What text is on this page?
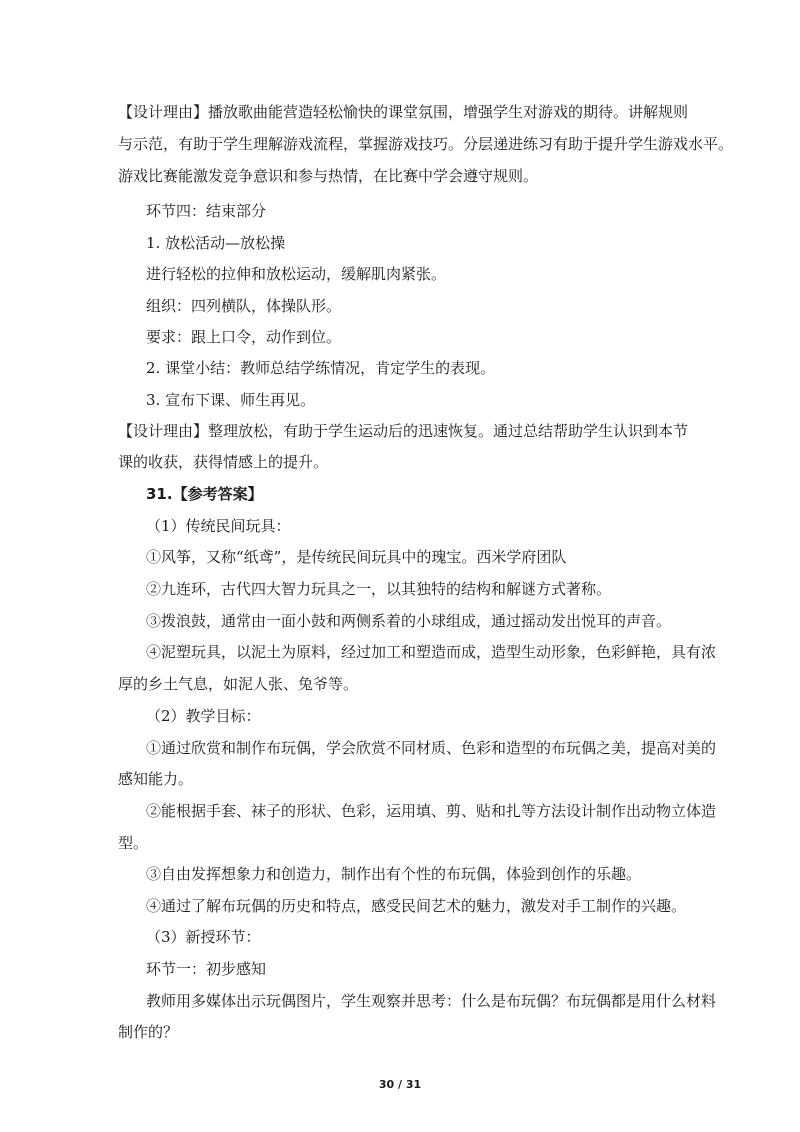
【设计理由】播放歌曲能营造轻松愉快的课堂氛围，增强学生对游戏的期待。讲解规则
与示范，有助于学生理解游戏流程，掌握游戏技巧。分层递进练习有助于提升学生游戏水平。
游戏比赛能激发竞争意识和参与热情，在比赛中学会遵守规则。
环节四：结束部分
1. 放松活动—放松操
进行轻松的拉伸和放松运动，缓解肌肉紧张。
组织：四列横队，体操队形。
要求：跟上口令，动作到位。
2. 课堂小结：教师总结学练情况，肯定学生的表现。
3. 宣布下课、师生再见。
【设计理由】整理放松，有助于学生运动后的迅速恢复。通过总结帮助学生认识到本节
课的收获，获得情感上的提升。
31.【参考答案】
（1）传统民间玩具：
①风筝，又称“纸鸢”，是传统民间玩具中的瑰宝。西米学府团队
②九连环，古代四大智力玩具之一，以其独特的结构和解谜方式著称。
③拨浪鼓，通常由一面小鼓和两侧系着的小球组成，通过摇动发出悦耳的声音。
④泥塑玩具，以泥土为原料，经过加工和塑造而成，造型生动形象，色彩鲜艳，具有浓
厚的乡土气息，如泥人张、兔爷等。
（2）教学目标：
①通过欣赏和制作布玩偶，学会欣赏不同材质、色彩和造型的布玩偶之美，提高对美的
感知能力。
②能根据手套、袜子的形状、色彩，运用填、剪、贴和扎等方法设计制作出动物立体造
型。
③自由发挥想象力和创造力，制作出有个性的布玩偶，体验到创作的乐趣。
④通过了解布玩偶的历史和特点，感受民间艺术的魅力，激发对手工制作的兴趣。
（3）新授环节：
环节一：初步感知
教师用多媒体出示玩偶图片，学生观察并思考：什么是布玩偶？布玩偶都是用什么材料
制作的？
30 / 31
